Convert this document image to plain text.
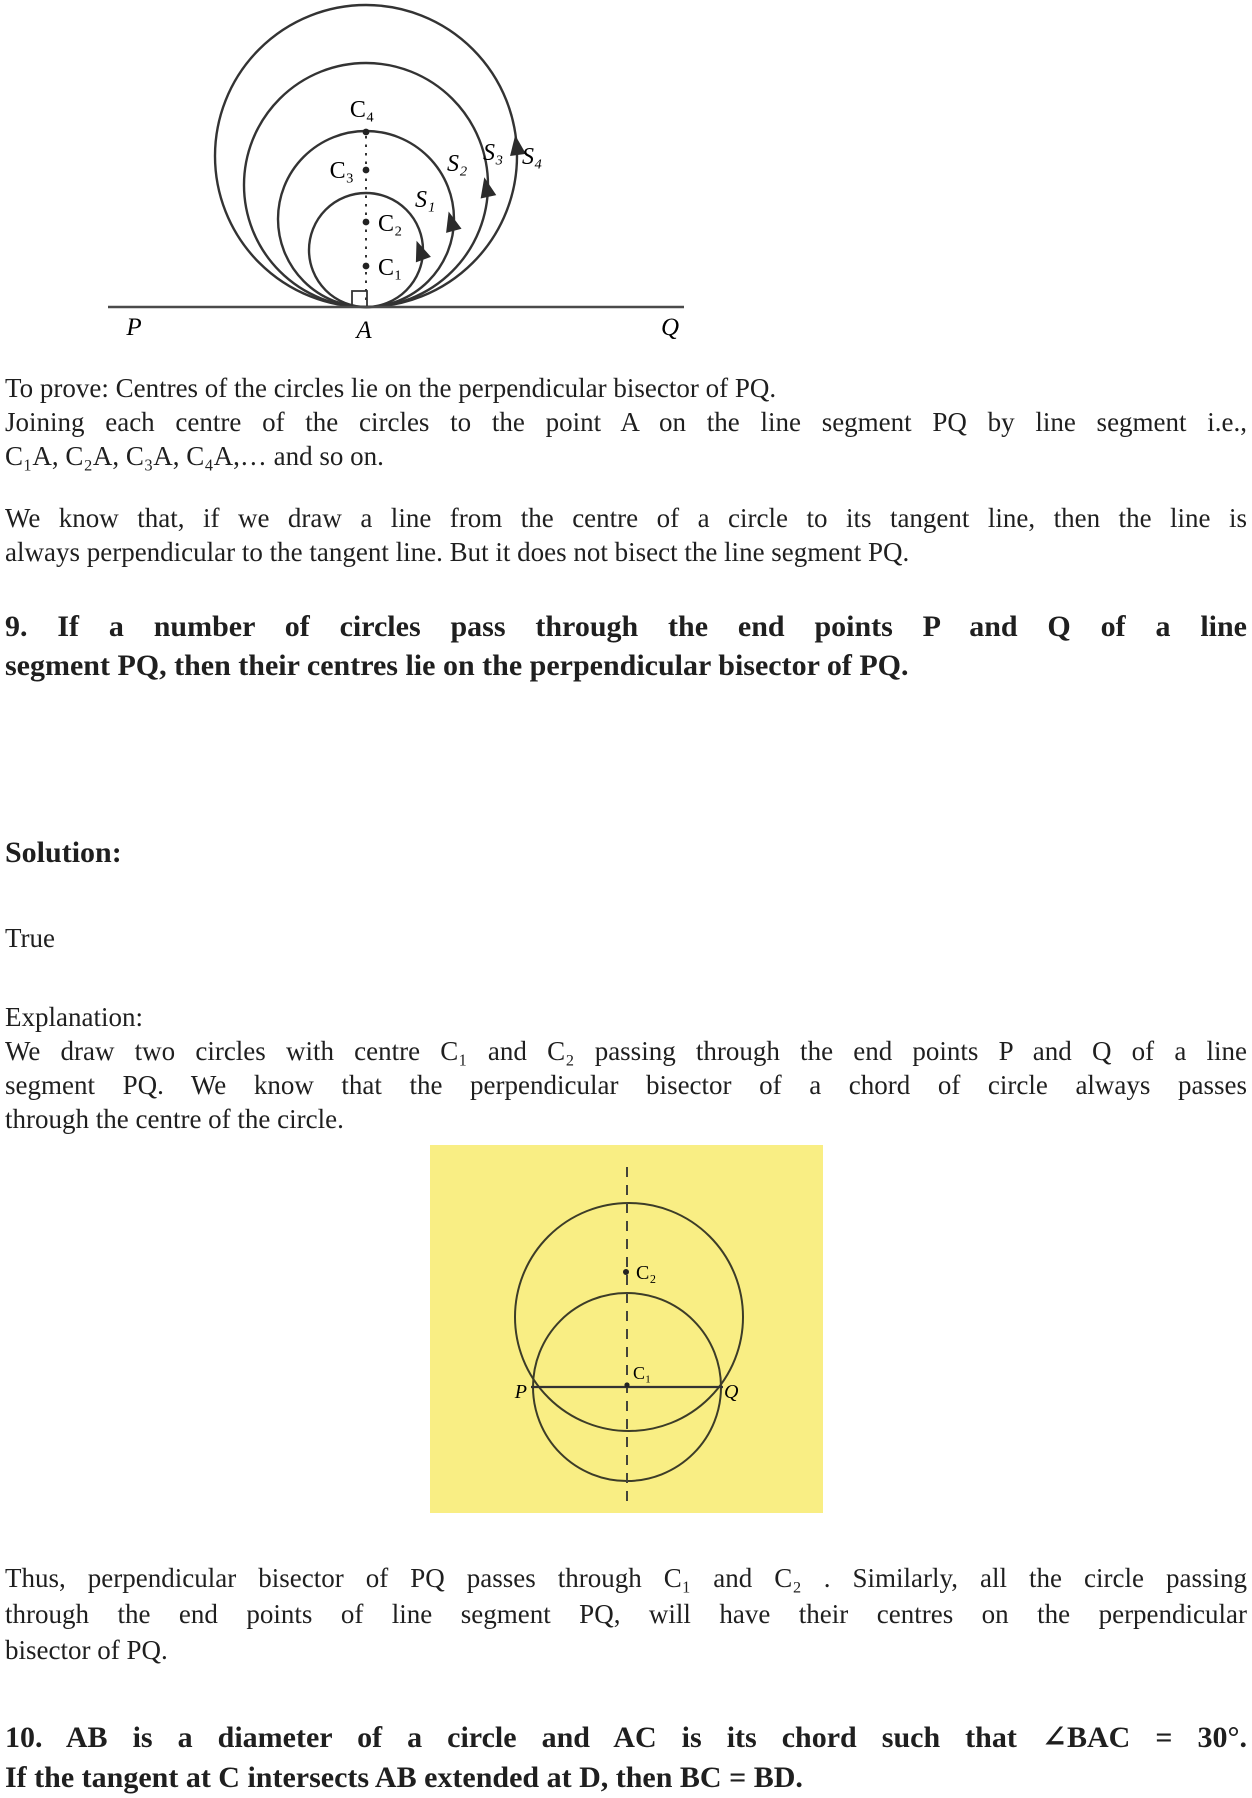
C₄
C₃
C₂
C₁
S₁
S₂ S₃ S₄
P	A	Q
To prove: Centres of the circles lie on the perpendicular bisector of PQ.
Joining each centre of the circles to the point A on the line segment PQ by line segment i.e.,
C₁A, C₂A, C₃A, C₄A,… and so on.
We know that, if we draw a line from the centre of a circle to its tangent line, then the line is
always perpendicular to the tangent line. But it does not bisect the line segment PQ.
9. If a number of circles pass through the end points P and Q of a line
segment PQ, then their centres lie on the perpendicular bisector of PQ.
Solution:
True
Explanation:
We draw two circles with centre C₁ and C₂ passing through the end points P and Q of a line
segment PQ. We know that the perpendicular bisector of a chord of circle always passes
through the centre of the circle.
C₂
C₁
P	Q
Thus, perpendicular bisector of PQ passes through C₁ and C₂ . Similarly, all the circle passing
through the end points of line segment PQ, will have their centres on the perpendicular
bisector of PQ.
10. AB is a diameter of a circle and AC is its chord such that ∠BAC = 30°.
If the tangent at C intersects AB extended at D, then BC = BD.
